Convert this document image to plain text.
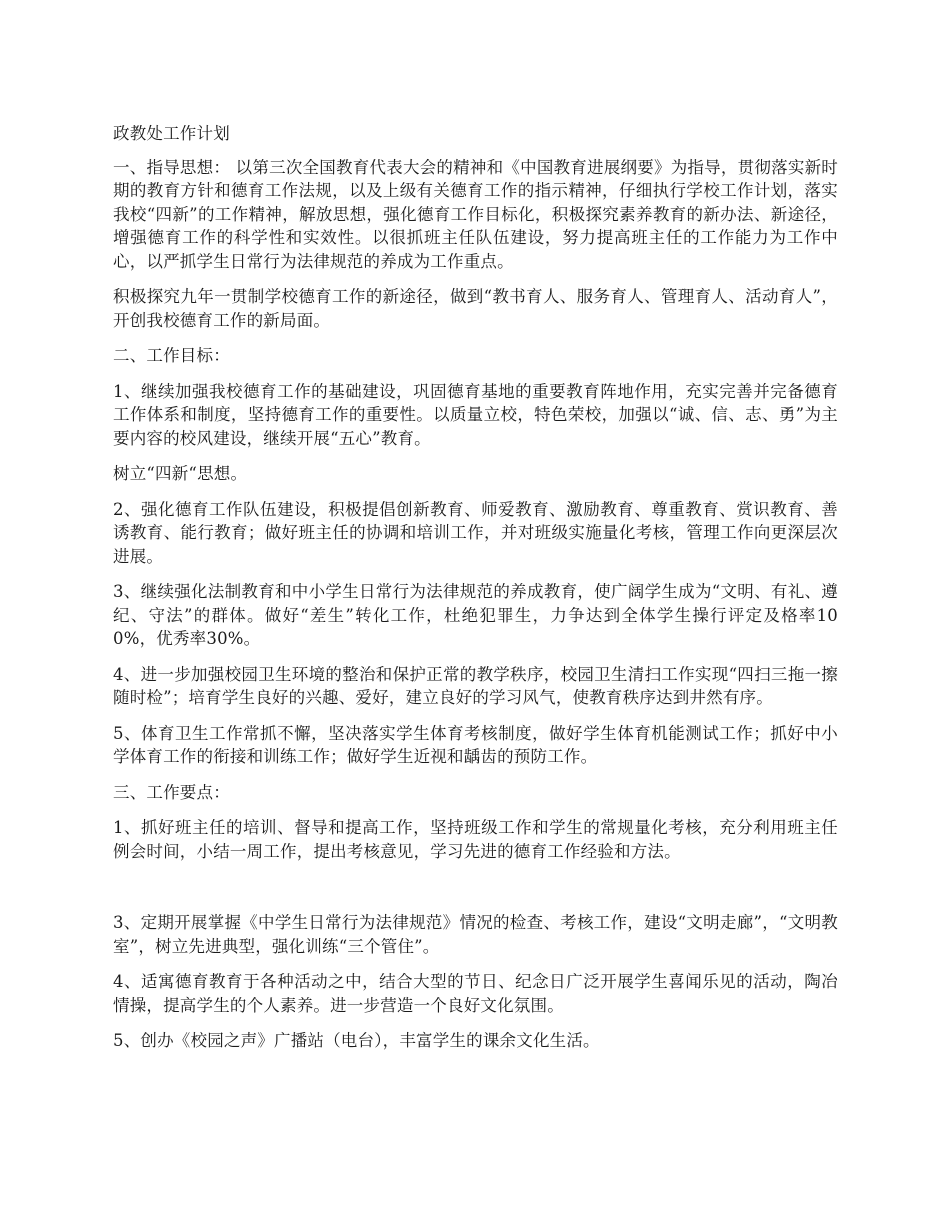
政教处工作计划

一、指导思想： 以第三次全国教育代表大会的精神和《中国教育进展纲要》为指导，贯彻落实新时期的教育方针和德育工作法规，以及上级有关德育工作的指示精神，仔细执行学校工作计划，落实我校“四新”的工作精神，解放思想，强化德育工作目标化，积极探究素养教育的新办法、新途径，增强德育工作的科学性和实效性。以很抓班主任队伍建设，努力提高班主任的工作能力为工作中心，以严抓学生日常行为法律规范的养成为工作重点。

积极探究九年一贯制学校德育工作的新途径，做到“教书育人、服务育人、管理育人、活动育人”，开创我校德育工作的新局面。

二、工作目标：

1、继续加强我校德育工作的基础建设，巩固德育基地的重要教育阵地作用，充实完善并完备德育工作体系和制度，坚持德育工作的重要性。以质量立校，特色荣校，加强以“诚、信、志、勇”为主要内容的校风建设，继续开展“五心”教育。

树立“四新“思想。

2、强化德育工作队伍建设，积极提倡创新教育、师爱教育、激励教育、尊重教育、赏识教育、善诱教育、能行教育；做好班主任的协调和培训工作，并对班级实施量化考核，管理工作向更深层次进展。

3、继续强化法制教育和中小学生日常行为法律规范的养成教育，使广阔学生成为“文明、有礼、遵纪、守法”的群体。做好“差生”转化工作，杜绝犯罪生，力争达到全体学生操行评定及格率100%，优秀率30%。

4、进一步加强校园卫生环境的整治和保护正常的教学秩序，校园卫生清扫工作实现“四扫三拖一擦随时检”；培育学生良好的兴趣、爱好，建立良好的学习风气，使教育秩序达到井然有序。

5、体育卫生工作常抓不懈，坚决落实学生体育考核制度，做好学生体育机能测试工作；抓好中小学体育工作的衔接和训练工作；做好学生近视和龋齿的预防工作。

三、工作要点：

1、抓好班主任的培训、督导和提高工作，坚持班级工作和学生的常规量化考核，充分利用班主任例会时间，小结一周工作，提出考核意见，学习先进的德育工作经验和方法。

3、定期开展掌握《中学生日常行为法律规范》情况的检查、考核工作，建设“文明走廊”，“文明教室”，树立先进典型，强化训练“三个管住”。

4、适寓德育教育于各种活动之中，结合大型的节日、纪念日广泛开展学生喜闻乐见的活动，陶冶情操，提高学生的个人素养。进一步营造一个良好文化氛围。

5、创办《校园之声》广播站（电台），丰富学生的课余文化生活。
